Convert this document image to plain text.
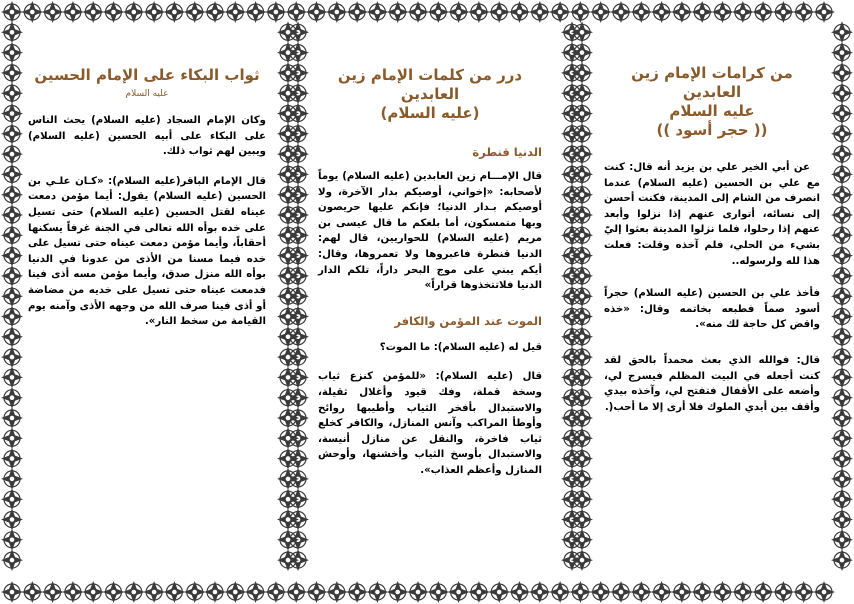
من كرامات الإمام زين العابدين

عليه السلام

(( حجر أسود ))

عن أبي الخير علي بن يزيد أنه قال: كنت مع علي بن الحسين (عليه السلام) عندما انصرف من الشام إلى المدينة، فكنت أحسن إلى نسائه، أتوارى عنهم إذا نزلوا وأبعد عنهم إذا رحلوا، فلما نزلوا المدينة بعثوا إليّ بشيء من الحلي، فلم آخذه وقلت: فعلت هذا لله ولرسوله..

فأخذ علي بن الحسين (عليه السلام) حجراً أسود صماً فطبعه بخاتمه وقال: «خذه واقض كل حاجة لك منه».

قال: فوالله الذي بعث محمداً بالحق لقد كنت أجعله في البيت المظلم فيسرج لي، وأضعه على الأقفال فتفتح لي، وآخذه بيدي وأقف بين أيدي الملوك فلا أرى إلا ما أحب(.

درر من كلمات الإمام زين العابدين

(عليه السلام)

الدنيا قنطرة

قال الإمـــام زين العابدين (عليه السلام) يوماً لأصحابه: «إخواني، أوصيكم بدار الآخرة، ولا أوصيكم بـدار الدنيا؛ فإنكم عليها حريصون وبها متمسكون، أما بلغكم ما قال عيسى بن مريم (عليه السلام) للحواريين، قال لهم: الدنيا قنطرة فاعبروها ولا تعمروها، وقال: أيكم يبني على موج البحر داراً، تلكم الدار الدنيا فلاتتخذوها قراراً»

الموت عند المؤمن والكافر

قيل له (عليه السلام): ما الموت؟

قال (عليه السلام): «للمؤمن كنزع ثياب وسخة قملة، وفك قيود وأغلال ثقيلة، والاستبدال بأفخر الثياب وأطيبها روائح وأوطأ المراكب وآنس المنازل، والكافر كخلع ثياب فاخرة، والنقل عن منازل أنيسة، والاستبدال بأوسخ الثياب وأخشنها، وأوحش المنازل وأعظم العذاب».

ثواب البكاء على الإمام الحسين

عليه السلام

وكان الإمام السجاد (عليه السلام) يحث الناس على البكاء على أبيه الحسين (عليه السلام) ويبين لهم ثواب ذلك.

قال الإمام الباقر(عليه السلام): «كـان علـي بن الحسين (عليه السلام) يقول: أيما مؤمن دمعت عيناه لقتل الحسين (عليه السلام) حتى تسيل على خده بوأه الله تعالى في الجنة غرفاً يسكنها أحقاباً، وأيما مؤمن دمعت عيناه حتى تسيل على خده فيما مسنا من الأذى من عدونا في الدنيا بوأه الله منزل صدق، وأيما مؤمن مسه أذى فينا فدمعت عيناه حتى تسيل على خديه من مضاضة أو أذى فينا صرف الله من وجهه الأذى وآمنه يوم القيامة من سخط النار».
